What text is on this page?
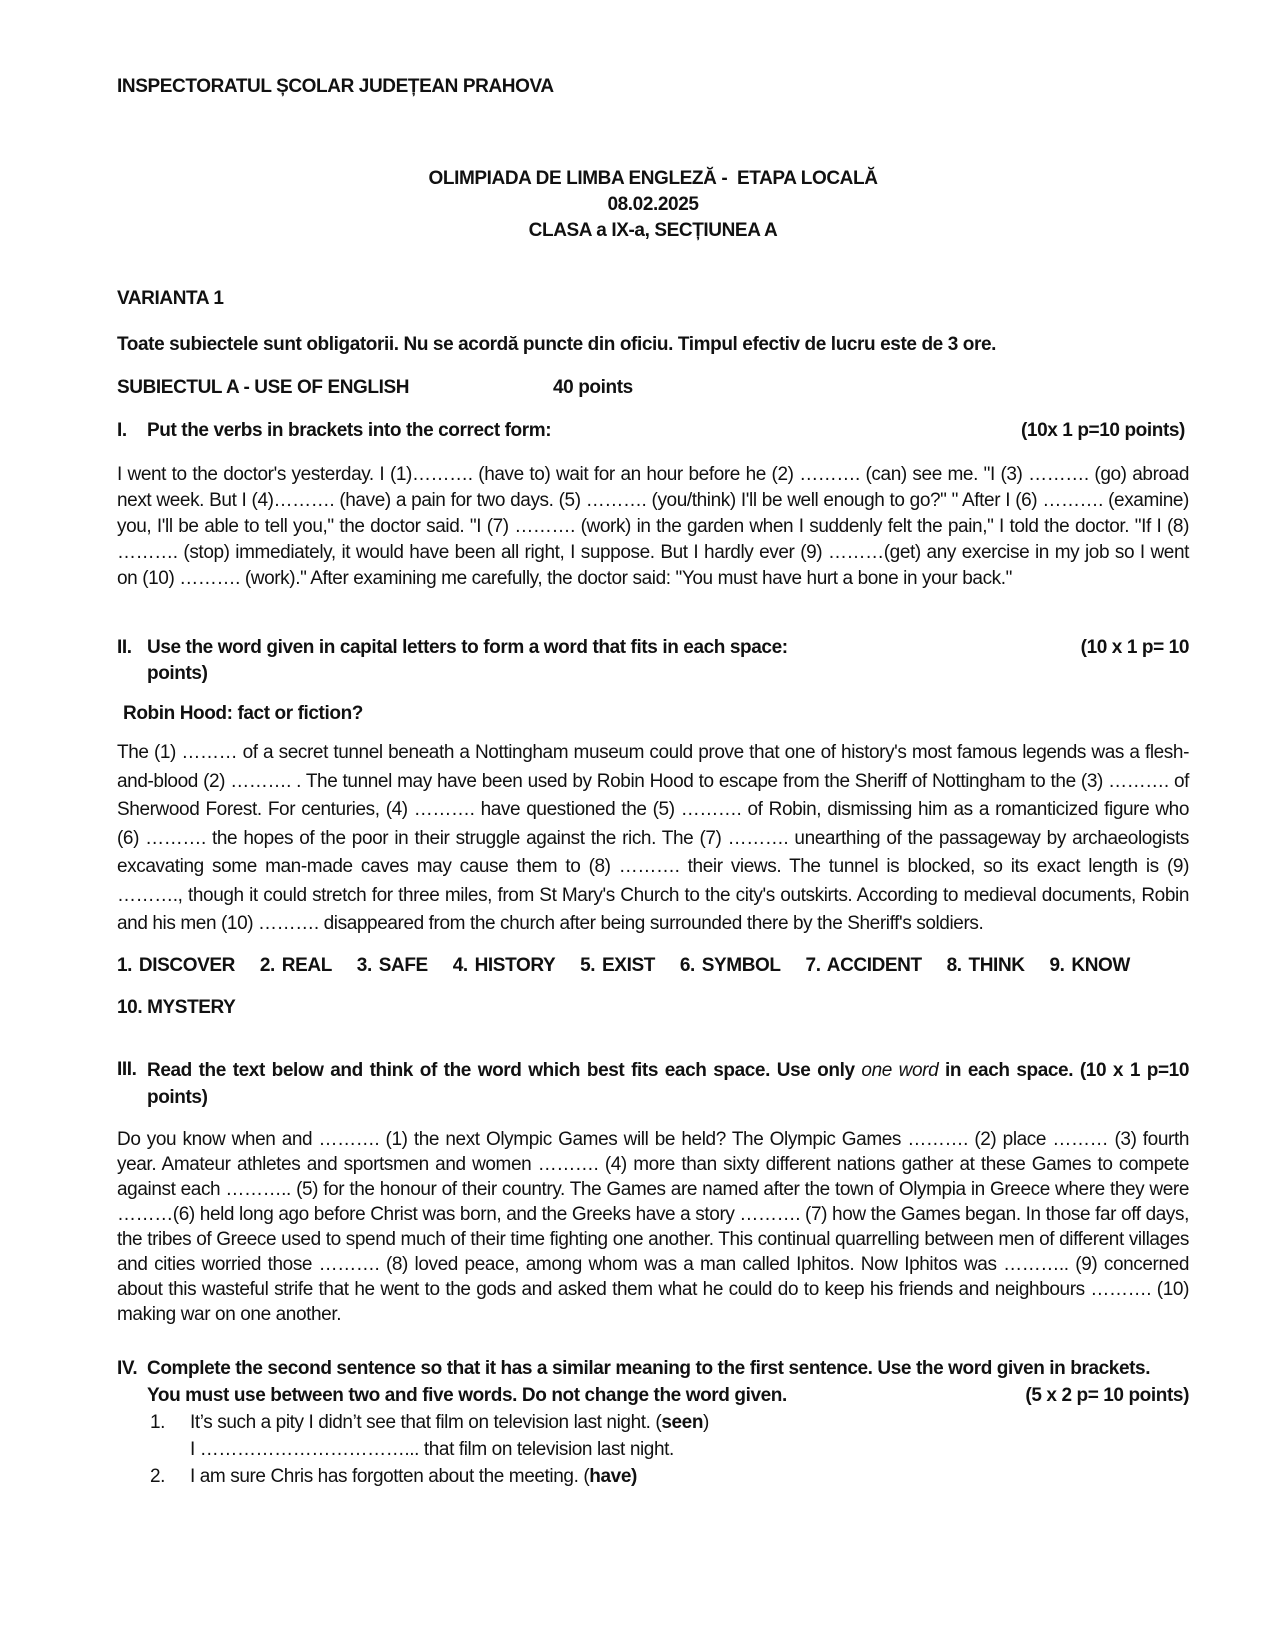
INSPECTORATUL ȘCOLAR JUDEȚEAN PRAHOVA
OLIMPIADA DE LIMBA ENGLEZĂ -  ETAPA LOCALĂ
08.02.2025
CLASA a IX-a, SECȚIUNEA A
VARIANTA 1
Toate subiectele sunt obligatorii. Nu se acordă puncte din oficiu. Timpul efectiv de lucru este de 3 ore.
SUBIECTUL A - USE OF ENGLISH	40 points
I. Put the verbs in brackets into the correct form:	(10x 1 p=10 points)
I went to the doctor's yesterday. I (1)………. (have to) wait for an hour before he (2) ………. (can) see me. "I (3) ………. (go) abroad next week. But I (4)………. (have) a pain for two days. (5) ………. (you/think) I'll be well enough to go?" " After I (6) ………. (examine) you, I'll be able to tell you," the doctor said. "I (7) ………. (work) in the garden when I suddenly felt the pain," I told the doctor. "If I (8) ………. (stop) immediately, it would have been all right, I suppose. But I hardly ever (9) ………(get) any exercise in my job so I went on (10) ………. (work)." After examining me carefully, the doctor said: "You must have hurt a bone in your back."
II. Use the word given in capital letters to form a word that fits in each space:	(10 x 1 p= 10
points)
Robin Hood: fact or fiction?
The (1) ……… of a secret tunnel beneath a Nottingham museum could prove that one of history's most famous legends was a flesh-and-blood (2) ………. . The tunnel may have been used by Robin Hood to escape from the Sheriff of Nottingham to the (3) ………. of Sherwood Forest. For centuries, (4) ………. have questioned the (5) ………. of Robin, dismissing him as a romanticized figure who (6) ………. the hopes of the poor in their struggle against the rich. The (7) ………. unearthing of the passageway by archaeologists excavating some man-made caves may cause them to (8) ………. their views. The tunnel is blocked, so its exact length is (9) ………., though it could stretch for three miles, from St Mary's Church to the city's outskirts. According to medieval documents, Robin and his men (10) ………. disappeared from the church after being surrounded there by the Sheriff's soldiers.
1. DISCOVER 2. REAL 3. SAFE 4. HISTORY 5. EXIST 6. SYMBOL 7. ACCIDENT 8. THINK 9. KNOW
10. MYSTERY
III. Read the text below and think of the word which best fits each space. Use only one word in each space. (10 x 1 p=10 points)
Do you know when and ………. (1) the next Olympic Games will be held? The Olympic Games ………. (2) place ……… (3) fourth year. Amateur athletes and sportsmen and women ………. (4) more than sixty different nations gather at these Games to compete against each ……….. (5) for the honour of their country. The Games are named after the town of Olympia in Greece where they were ………(6) held long ago before Christ was born, and the Greeks have a story ………. (7) how the Games began. In those far off days, the tribes of Greece used to spend much of their time fighting one another. This continual quarrelling between men of different villages and cities worried those ………. (8) loved peace, among whom was a man called Iphitos. Now Iphitos was ……….. (9) concerned about this wasteful strife that he went to the gods and asked them what he could do to keep his friends and neighbours ………. (10) making war on one another.
IV. Complete the second sentence so that it has a similar meaning to the first sentence. Use the word given in brackets.
You must use between two and five words. Do not change the word given.	(5 x 2 p= 10 points)
1. It’s such a pity I didn’t see that film on television last night. (seen)
I ……………………………... that film on television last night.
2. I am sure Chris has forgotten about the meeting. (have)
